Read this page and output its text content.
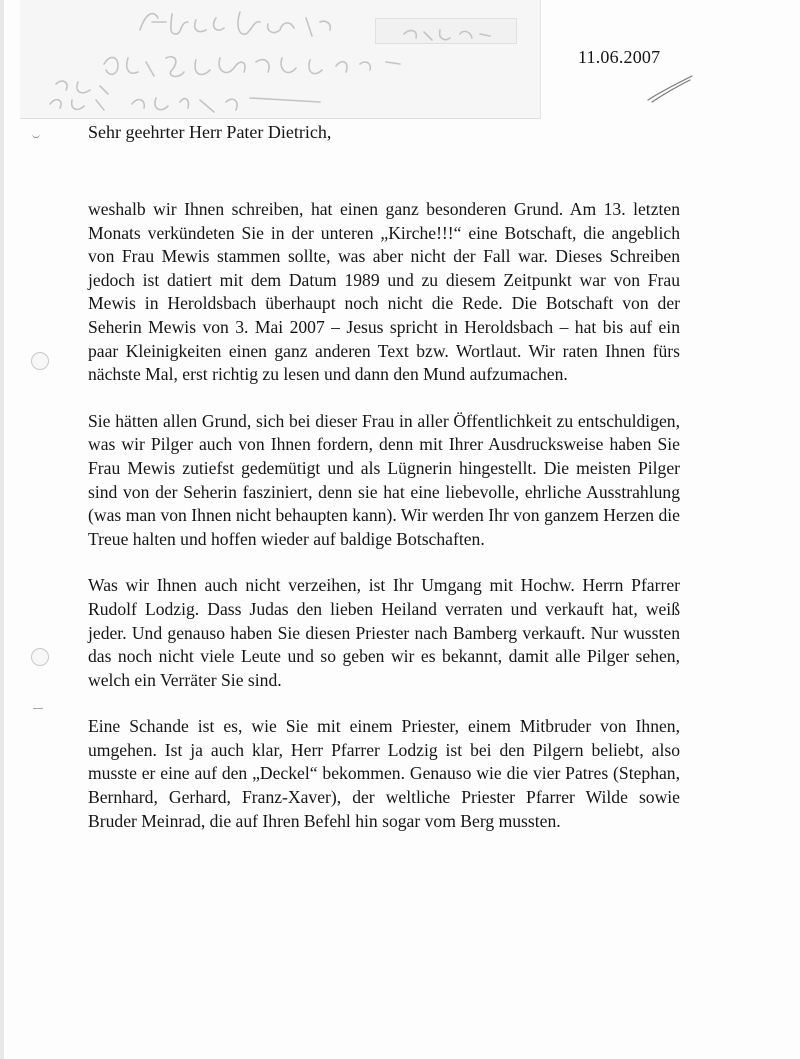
11.06.2007
Sehr geehrter Herr Pater Dietrich,

weshalb wir Ihnen schreiben, hat einen ganz besonderen Grund. Am 13. letzten Monats verkündeten Sie in der unteren „Kirche!!!“ eine Botschaft, die angeblich von Frau Mewis stammen sollte, was aber nicht der Fall war. Dieses Schreiben jedoch ist datiert mit dem Datum 1989 und zu diesem Zeitpunkt war von Frau Mewis in Heroldsbach überhaupt noch nicht die Rede. Die Botschaft von der Seherin Mewis von 3. Mai 2007 – Jesus spricht in Heroldsbach – hat bis auf ein paar Kleinigkeiten einen ganz anderen Text bzw. Wortlaut. Wir raten Ihnen fürs nächste Mal, erst richtig zu lesen und dann den Mund aufzumachen.

Sie hätten allen Grund, sich bei dieser Frau in aller Öffentlichkeit zu entschuldigen, was wir Pilger auch von Ihnen fordern, denn mit Ihrer Ausdrucksweise haben Sie Frau Mewis zutiefst gedemütigt und als Lügnerin hingestellt. Die meisten Pilger sind von der Seherin fasziniert, denn sie hat eine liebevolle, ehrliche Ausstrahlung (was man von Ihnen nicht behaupten kann). Wir werden Ihr von ganzem Herzen die Treue halten und hoffen wieder auf baldige Botschaften.

Was wir Ihnen auch nicht verzeihen, ist Ihr Umgang mit Hochw. Herrn Pfarrer Rudolf Lodzig. Dass Judas den lieben Heiland verraten und verkauft hat, weiß jeder. Und genauso haben Sie diesen Priester nach Bamberg verkauft. Nur wussten das noch nicht viele Leute und so geben wir es bekannt, damit alle Pilger sehen, welch ein Verräter Sie sind.

Eine Schande ist es, wie Sie mit einem Priester, einem Mitbruder von Ihnen, umgehen. Ist ja auch klar, Herr Pfarrer Lodzig ist bei den Pilgern beliebt, also musste er eine auf den „Deckel“ bekommen. Genauso wie die vier Patres (Stephan, Bernhard, Gerhard, Franz-Xaver), der weltliche Priester Pfarrer Wilde sowie Bruder Meinrad, die auf Ihren Befehl hin sogar vom Berg mussten.
